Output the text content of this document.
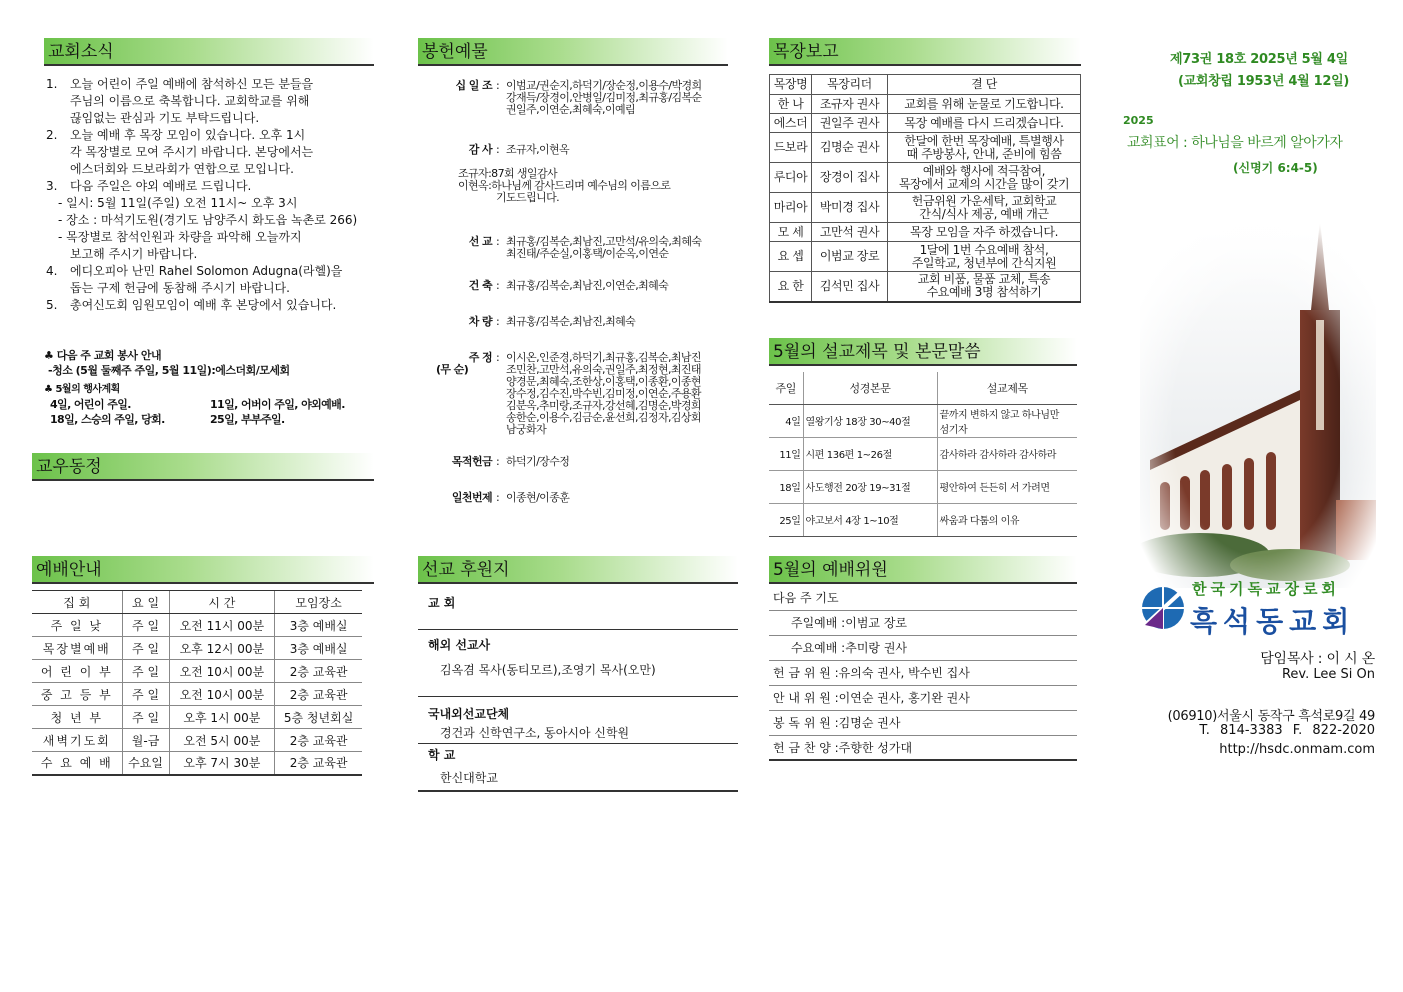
교회소식
1. 오늘 어린이 주일 예배에 참석하신 모든 분들을
주님의 이름으로 축복합니다. 교회학교를 위해
끊임없는 관심과 기도 부탁드립니다.
2. 오늘 예배 후 목장 모임이 있습니다. 오후 1시
각 목장별로 모여 주시기 바랍니다. 본당에서는
에스더회와 드보라회가 연합으로 모입니다.
3. 다음 주일은 야외 예배로 드립니다.
- 일시: 5월 11일(주일) 오전 11시~ 오후 3시
- 장소 : 마석기도원(경기도 남양주시 화도읍 녹촌로 266)
- 목장별로 참석인원과 차량을 파악해 오늘까지
보고해 주시기 바랍니다.
4. 에디오피아 난민 Rahel Solomon Adugna(라헬)을
돕는 구제 헌금에 동참해 주시기 바랍니다.
5. 총여신도회 임원모임이 예배 후 본당에서 있습니다.
♣ 다음 주 교회 봉사 안내
-청소 (5월 둘째주 주일, 5월 11일):에스더회/모세회
♣ 5월의 행사계획
4일, 어린이 주일.	11일, 어버이 주일, 야외예배.
18일, 스승의 주일, 당회.	25일, 부부주일.
교우동정
예배안내
집 회	요 일	시 간	모임장소
주 일 낮	주 일	오전 11시 00분	3층 예배실
목장별예배	주 일	오후 12시 00분	3층 예배실
어 린 이 부	주 일	오전 10시 00분	2층 교육관
중 고 등 부	주 일	오전 10시 00분	2층 교육관
청 년 부	주 일	오후 1시 00분	5층 청년회실
새벽기도회	월-금	오전 5시 00분	2층 교육관
수 요 예 배	수요일	오후 7시 30분	2층 교육관
봉헌예물
십 일 조 : 이범교/권순지,하덕기/장순정,이용수/박경희
강재득/장경이,안병일/김미정,최규홍/김복순
권일주,이연순,최혜숙,이예림
감 사 : 조규자,이현옥
조규자:87회 생일감사
이현옥:하나님께 감사드리며 예수님의 이름으로
기도드립니다.
선 교 : 최규홍/김복순,최남진,고만석/유의숙,최혜숙
최진태/주순실,이홍택/이순옥,이연순
건 축 : 최규홍/김복순,최남진,이연순,최혜숙
차 량 : 최규홍/김복순,최남진,최혜숙
주 정
(무 순)
: 이시온,인준경,하덕기,최규홍,김복순,최남진
조민찬,고만석,유의숙,권일주,최정현,최진태
양경문,최혜숙,조한상,이홍택,이종환,이종현
장수정,김수진,박수빈,김미정,이연순,주용환
김분옥,추미랑,조규자,강선혜,김명순,박경희
송한순,이용수,김금순,윤선희,김정자,김상회
남궁화자
목적헌금 : 하덕기/장수정
일천번제 : 이종현/이종훈
선교 후원지
교 회
해외 선교사
김옥겸 목사(동티모르),조영기 목사(오만)
국내외선교단체
경건과 신학연구소, 동아시아 신학원
학 교
한신대학교
목장보고
목장명	목장리더	결 단
한 나	조규자 권사	교회를 위해 눈물로 기도합니다.

에스더	권일주 권사	목장 예배를 다시 드리겠습니다.

드보라	김명순 권사	한달에 한번 목장예배, 특별행사
때 주방봉사, 안내, 준비에 힘씀

루디아	장경이 집사	예배와 행사에 적극참여,
목장에서 교제의 시간을 많이 갖기

마리아	박미경 집사	헌금위원 가운세탁, 교회학교
간식/식사 제공, 예배 개근

모 세	고만석 권사	목장 모임을 자주 하겠습니다.

요 셉	이범교 장로	1달에 1번 수요예배 참석,
주일학교, 청년부에 간식지원

요 한	김석민 집사	교회 비품, 물품 교체, 특송
수요예배 3명 참석하기
5월의 설교제목 및 본문말씀
주일	성경본문	설교제목
4일	열왕기상 18장 30~40절	끝까지 변하지 않고 하나님만
섬기자

11일	시편 136편 1~26절	감사하라 감사하라 감사하라

18일	사도행전 20장 19~31절	평안하여 든든히 서 가려면

25일	야고보서 4장 1~10절	싸움과 다툼의 이유
5월의 예배위원
다음 주 기도
주일예배 :이범교 장로
수요예배 :추미랑 권사
헌 금 위 원 :유의숙 권사, 박수빈 집사
안 내 위 원 :이연순 권사, 홍기완 권사
봉 독 위 원 :김명순 권사
헌 금 찬 양 :주향한 성가대
제73권 18호 2025년 5월 4일
(교회창립 1953년 4월 12일)
2025
교회표어 : 하나님을 바르게 알아가자
(신명기 6:4-5)
한국기독교장로회
흑석동교회
담임목사 : 이 시 온
Rev. Lee Si On
(06910)서울시 동작구 흑석로9길 49
T. 814-3383 F. 822-2020
http://hsdc.onmam.com
